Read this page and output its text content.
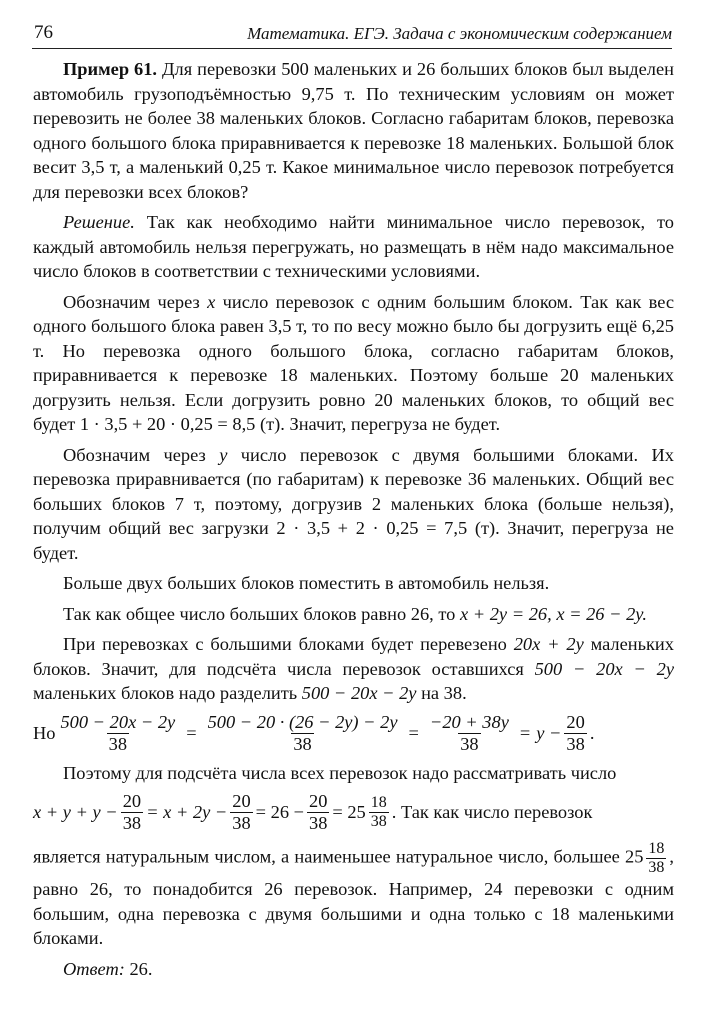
76	Математика. ЕГЭ. Задача с экономическим содержанием

Пример 61. Для перевозки 500 маленьких и 26 больших блоков был выделен автомобиль грузоподъёмностью 9,75 т. По техническим условиям он может перевозить не более 38 маленьких блоков. Согласно габаритам блоков, перевозка одного большого блока приравнивается к перевозке 18 маленьких. Большой блок весит 3,5 т, а маленький 0,25 т. Какое минимальное число перевозок потребуется для перевозки всех блоков?

Решение. Так как необходимо найти минимальное число перевозок, то каждый автомобиль нельзя перегружать, но размещать в нём надо максимальное число блоков в соответствии с техническими условиями.

Обозначим через x число перевозок с одним большим блоком. Так как вес одного большого блока равен 3,5 т, то по весу можно было бы догрузить ещё 6,25 т. Но перевозка одного большого блока, согласно габаритам блоков, приравнивается к перевозке 18 маленьких. Поэтому больше 20 маленьких догрузить нельзя. Если догрузить ровно 20 маленьких блоков, то общий вес будет 1 · 3,5 + 20 · 0,25 = 8,5 (т). Значит, перегруза не будет.

Обозначим через y число перевозок с двумя большими блоками. Их перевозка приравнивается (по габаритам) к перевозке 36 маленьких. Общий вес больших блоков 7 т, поэтому, догрузив 2 маленьких блока (больше нельзя), получим общий вес загрузки 2 · 3,5 + 2 · 0,25 = 7,5 (т). Значит, перегруза не будет.

Больше двух больших блоков поместить в автомобиль нельзя.

Так как общее число больших блоков равно 26, то x + 2y = 26, x = 26 − 2y.

При перевозках с большими блоками будет перевезено 20x + 2y маленьких блоков. Значит, для подсчёта числа перевозок оставшихся 500 − 20x − 2y маленьких блоков надо разделить 500 − 20x − 2y на 38.

Но $\frac{500 - 20x - 2y}{38} = \frac{500 - 20 \cdot (26 - 2y) - 2y}{38} = \frac{-20 + 38y}{38} = y - \frac{20}{38}$ .

Поэтому для подсчёта числа всех перевозок надо рассматривать число

$x + y + y - \frac{20}{38} = x + 2y - \frac{20}{38} = 26 - \frac{20}{38} = 25 \frac{18}{38}$ . Так как число перевозок

является натуральным числом, а наименьшее натуральное число, большее $25 \frac{18}{38}$ , равно 26, то понадобится 26 перевозок. Например, 24 перевозки с одним большим, одна перевозка с двумя большими и одна только с 18 маленькими блоками.

Ответ: 26.
